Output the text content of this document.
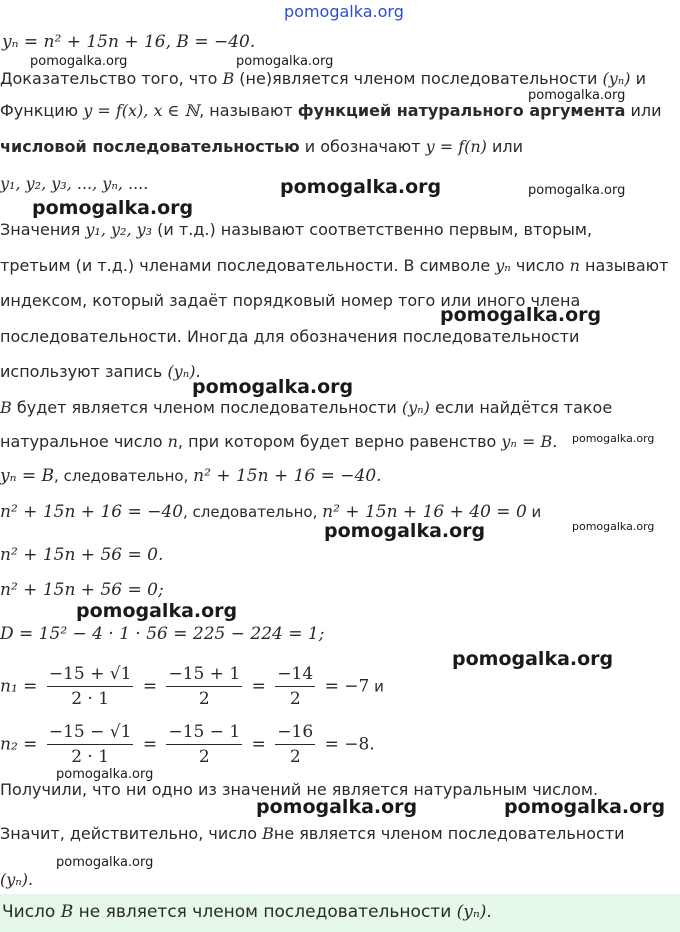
pomogalka.org
yₙ = n² + 15n + 16, B = −40.
Доказательство того, что B (не)является членом последовательности (yₙ) и
Функцию y = f(x), x ∈ ℕ, называют функцией натурального аргумента или
числовой последовательностью и обозначают y = f(n) или
y₁, y₂, y₃, ..., yₙ, ....
Значения y₁, y₂, y₃ (и т.д.) называют соответственно первым, вторым,
третьим (и т.д.) членами последовательности. В символе yₙ число n называют
индексом, который задаёт порядковый номер того или иного члена
последовательности. Иногда для обозначения последовательности
используют запись (yₙ).
B будет является членом последовательности (yₙ) если найдётся такое
натуральное число n, при котором будет верно равенство yₙ = B.
yₙ = B, следовательно, n² + 15n + 16 = −40.
n² + 15n + 16 = −40, следовательно, n² + 15n + 16 + 40 = 0 и
n² + 15n + 56 = 0.
n² + 15n + 56 = 0;
D = 15² − 4 · 1 · 56 = 225 − 224 = 1;
$n_1 = \frac{-15 + √1}{2 \cdot 1} = \frac{-15 + 1}{2} = \frac{-14}{2} = -7$ и
$n_2 = \frac{-15 - √1}{2 \cdot 1} = \frac{-15 - 1}{2} = \frac{-16}{2} = -8$.
Получили, что ни одно из значений не является натуральным числом.
Значит, действительно, число Bне является членом последовательности
(yₙ).
Число B не является членом последовательности (yₙ).
pomogalka.org	pomogalka.org
pomogalka.org
pomogalka.org	pomogalka.org
pomogalka.org
pomogalka.org
pomogalka.org
pomogalka.org
pomogalka.org
pomogalka.org
pomogalka.org
pomogalka.org
pomogalka.org
pomogalka.org	pomogalka.org
pomogalka.org
